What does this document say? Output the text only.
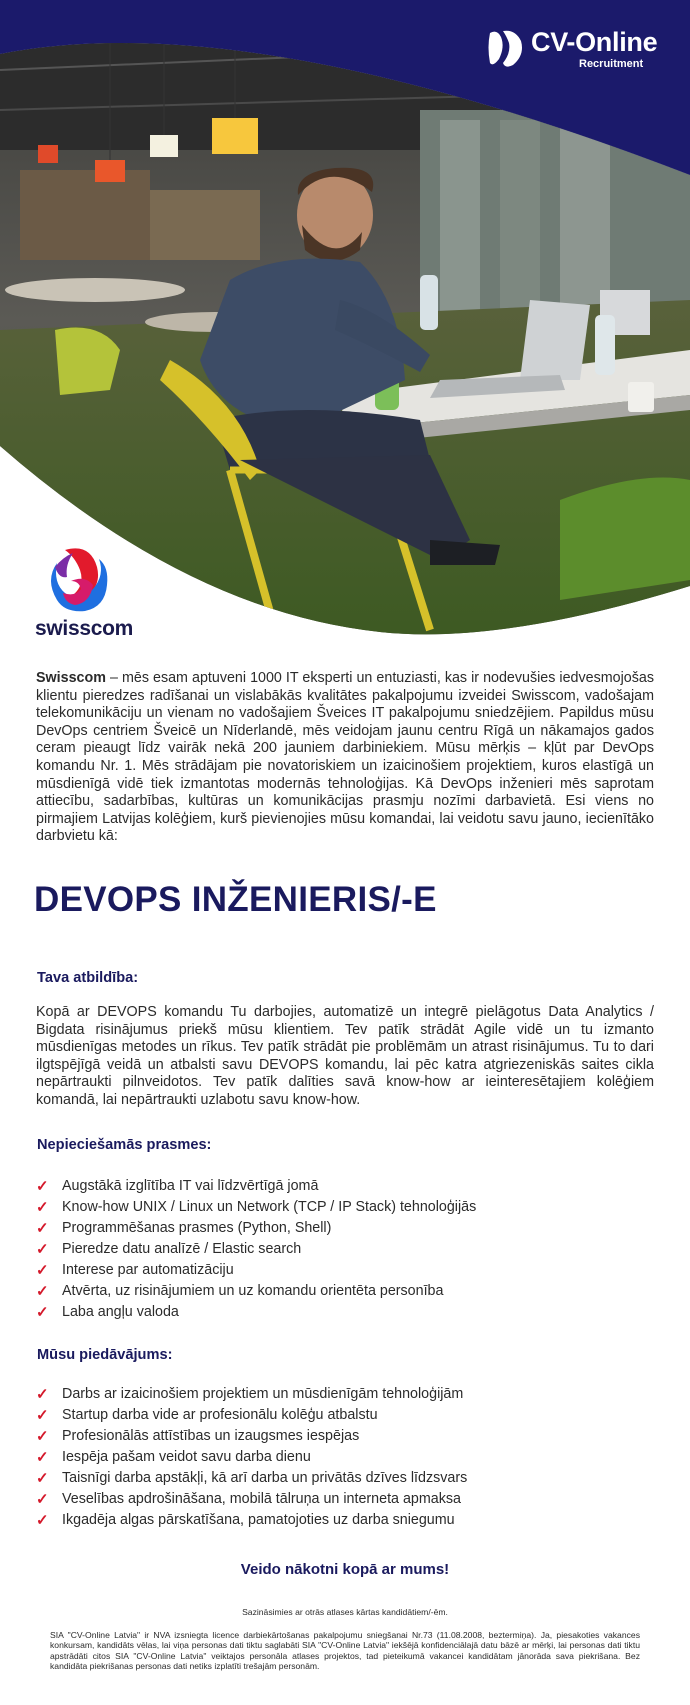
CV-Online
Recruitment
swisscom
Swisscom – mēs esam aptuveni 1000 IT eksperti un entuziasti, kas ir nodevušies iedvesmojošas klientu pieredzes radīšanai un vislabākās kvalitātes pakalpojumu izveidei Swisscom, vadošajam telekomunikāciju un vienam no vadošajiem Šveices IT pakalpojumu sniedzējiem. Papildus mūsu DevOps centriem Šveicē un Nīderlandē, mēs veidojam jaunu centru Rīgā un nākamajos gados ceram pieaugt līdz vairāk nekā 200 jauniem darbiniekiem. Mūsu mērķis – kļūt par DevOps komandu Nr. 1. Mēs strādājam pie novatoriskiem un izaicinošiem projektiem, kuros elastīgā un mūsdienīgā vidē tiek izmantotas modernās tehnoloģijas. Kā DevOps inženieri mēs saprotam attiecību, sadarbības, kultūras un komunikācijas prasmju nozīmi darbavietā. Esi viens no pirmajiem Latvijas kolēģiem, kurš pievienojies mūsu komandai, lai veidotu savu jauno, iecienītāko darbvietu kā:
DEVOPS INŽENIERIS/-E
Tava atbildība:
Kopā ar DEVOPS komandu Tu darbojies, automatizē un integrē pielāgotus Data Analytics / Bigdata risinājumus priekš mūsu klientiem. Tev patīk strādāt Agile vidē un tu izmanto mūsdienīgas metodes un rīkus. Tev patīk strādāt pie problēmām un atrast risinājumus. Tu to dari ilgtspējīgā veidā un atbalsti savu DEVOPS komandu, lai pēc katra atgriezeniskās saites cikla nepārtraukti pilnveidotos. Tev patīk dalīties savā know-how ar ieinteresētajiem kolēģiem komandā, lai nepārtraukti uzlabotu savu know-how.
Nepieciešamās prasmes:
✓ Augstākā izglītība IT vai līdzvērtīgā jomā
✓ Know-how UNIX / Linux un Network (TCP / IP Stack) tehnoloģijās
✓ Programmēšanas prasmes (Python, Shell)
✓ Pieredze datu analīzē / Elastic search
✓ Interese par automatizāciju
✓ Atvērta, uz risinājumiem un uz komandu orientēta personība
✓ Laba angļu valoda
Mūsu piedāvājums:
✓ Darbs ar izaicinošiem projektiem un mūsdienīgām tehnoloģijām
✓ Startup darba vide ar profesionālu kolēģu atbalstu
✓ Profesionālās attīstības un izaugsmes iespējas
✓ Iespēja pašam veidot savu darba dienu
✓ Taisnīgi darba apstākļi, kā arī darba un privātās dzīves līdzsvars
✓ Veselības apdrošināšana, mobilā tālruņa un interneta apmaksa
✓ Ikgadēja algas pārskatīšana, pamatojoties uz darba sniegumu
Veido nākotni kopā ar mums!
Sazināsimies ar otrās atlases kārtas kandidātiem/-ēm.
SIA "CV-Online Latvia" ir NVA izsniegta licence darbiekārtošanas pakalpojumu sniegšanai Nr.73 (11.08.2008, beztermiņa). Ja, piesakoties vakances konkursam, kandidāts vēlas, lai viņa personas dati tiktu saglabāti SIA "CV-Online Latvia" iekšējā konfidenciālajā datu bāzē ar mērķi, lai personas dati tiktu apstrādāti citos SIA "CV-Online Latvia" veiktajos personāla atlases projektos, tad pieteikumā vakancei kandidātam jānorāda sava piekrišana. Bez kandidāta piekrišanas personas dati netiks izplatīti trešajām personām.
